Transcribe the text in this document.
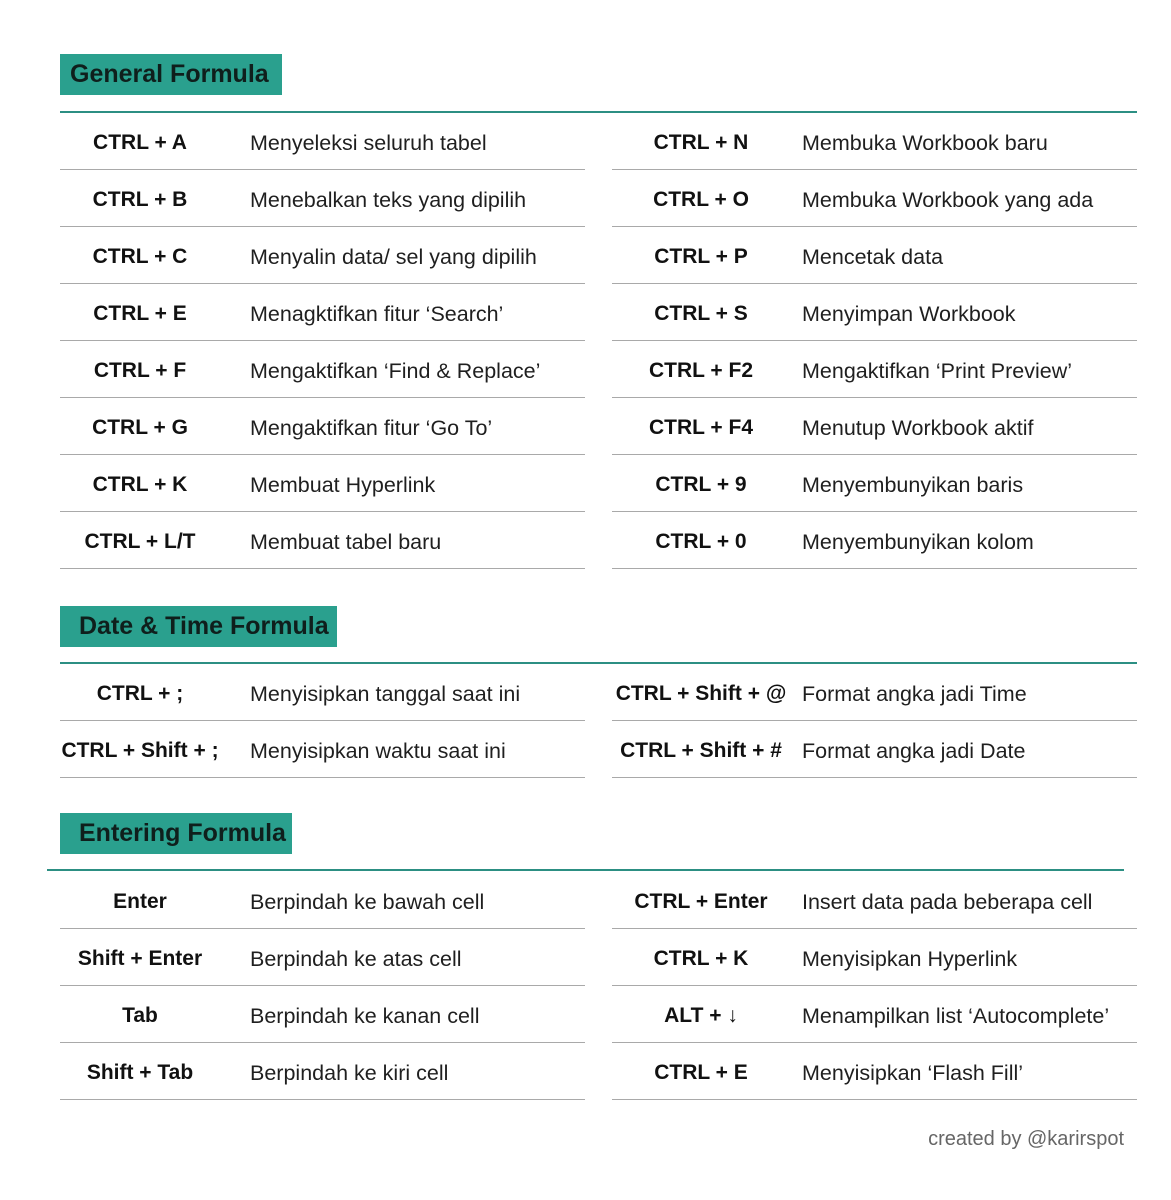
General Formula
CTRL + A	Menyeleksi seluruh tabel
CTRL + B	Menebalkan teks yang dipilih
CTRL + C	Menyalin data/ sel yang dipilih
CTRL + E	Menagktifkan fitur ‘Search’
CTRL + F	Mengaktifkan ‘Find & Replace’
CTRL + G	Mengaktifkan fitur ‘Go To’
CTRL + K	Membuat Hyperlink
CTRL + L/T	Membuat tabel baru
CTRL + N	Membuka Workbook baru
CTRL + O	Membuka Workbook yang ada
CTRL + P	Mencetak data
CTRL + S	Menyimpan Workbook
CTRL + F2	Mengaktifkan ‘Print Preview’
CTRL + F4	Menutup Workbook aktif
CTRL + 9	Menyembunyikan baris
CTRL + 0	Menyembunyikan kolom
Date & Time Formula
CTRL + ;	Menyisipkan tanggal saat ini
CTRL + Shift + ; Menyisipkan waktu saat ini
CTRL + Shift + @ Format angka jadi Time
CTRL + Shift + # Format angka jadi Date
Entering Formula
Enter	Berpindah ke bawah cell
Shift + Enter	Berpindah ke atas cell
Tab	Berpindah ke kanan cell
Shift + Tab	Berpindah ke kiri cell
CTRL + Enter	Insert data pada beberapa cell
CTRL + K	Menyisipkan Hyperlink
ALT + ↓	Menampilkan list ‘Autocomplete’
CTRL + E	Menyisipkan ‘Flash Fill’
created by @karirspot
